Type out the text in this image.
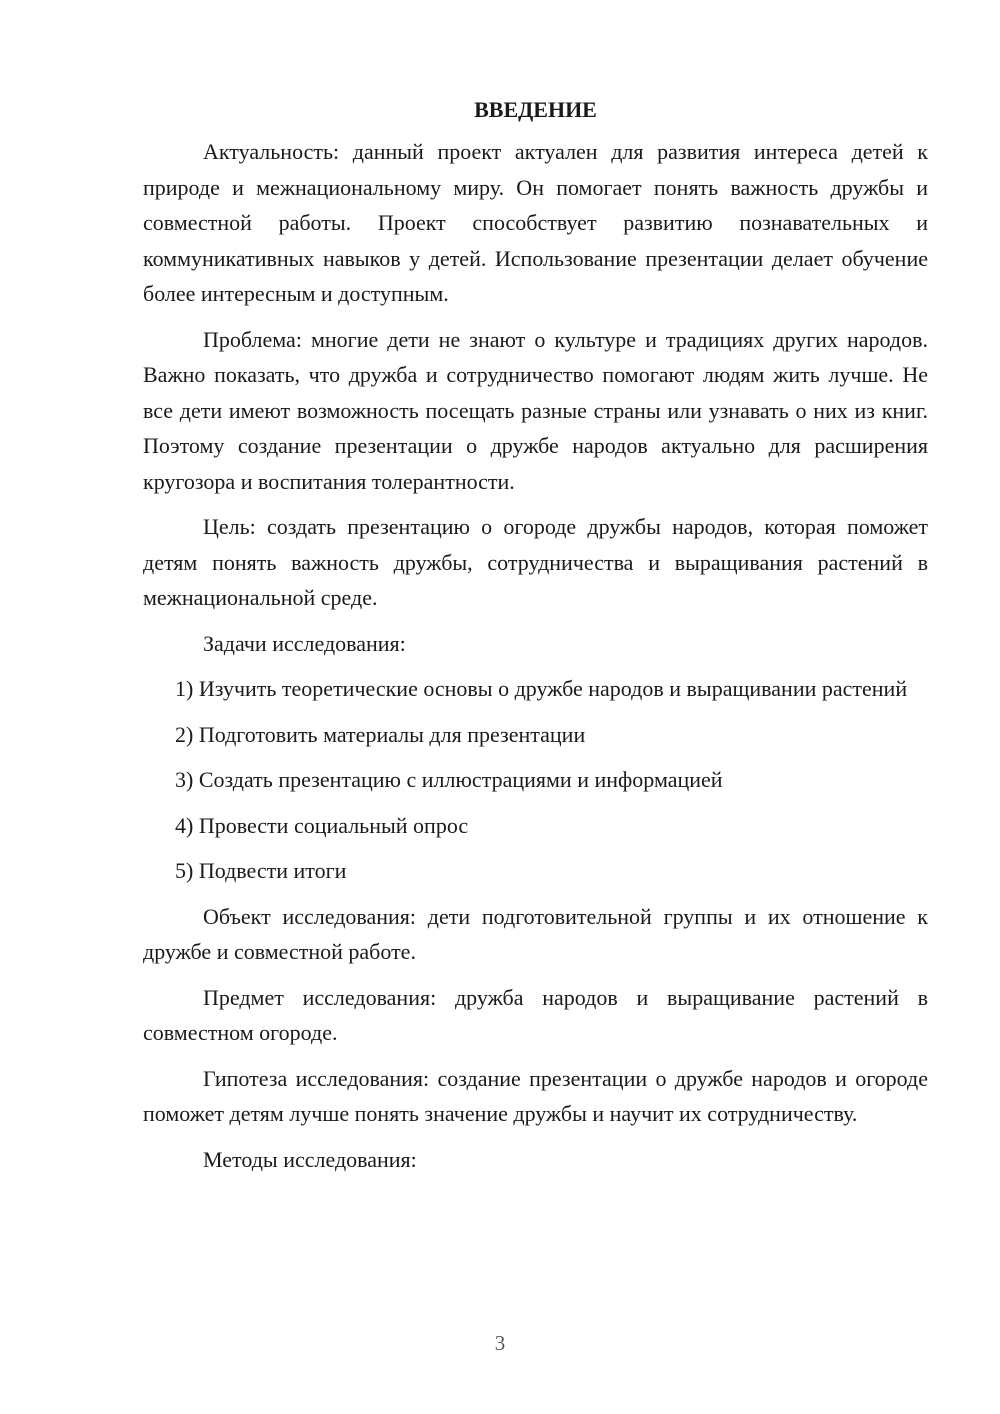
ВВЕДЕНИЕ

Актуальность: данный проект актуален для развития интереса детей к природе и межнациональному миру. Он помогает понять важность дружбы и совместной работы. Проект способствует развитию познавательных и коммуникативных навыков у детей. Использование презентации делает обучение более интересным и доступным.

Проблема: многие дети не знают о культуре и традициях других народов. Важно показать, что дружба и сотрудничество помогают людям жить лучше. Не все дети имеют возможность посещать разные страны или узнавать о них из книг. Поэтому создание презентации о дружбе народов актуально для расширения кругозора и воспитания толерантности.

Цель: создать презентацию о огороде дружбы народов, которая поможет детям понять важность дружбы, сотрудничества и выращивания растений в межнациональной среде.

Задачи исследования:

1) Изучить теоретические основы о дружбе народов и выращивании растений

2) Подготовить материалы для презентации

3) Создать презентацию с иллюстрациями и информацией

4) Провести социальный опрос

5) Подвести итоги

Объект исследования: дети подготовительной группы и их отношение к дружбе и совместной работе.

Предмет исследования: дружба народов и выращивание растений в совместном огороде.

Гипотеза исследования: создание презентации о дружбе народов и огороде поможет детям лучше понять значение дружбы и научит их сотрудничеству.

Методы исследования:

3
